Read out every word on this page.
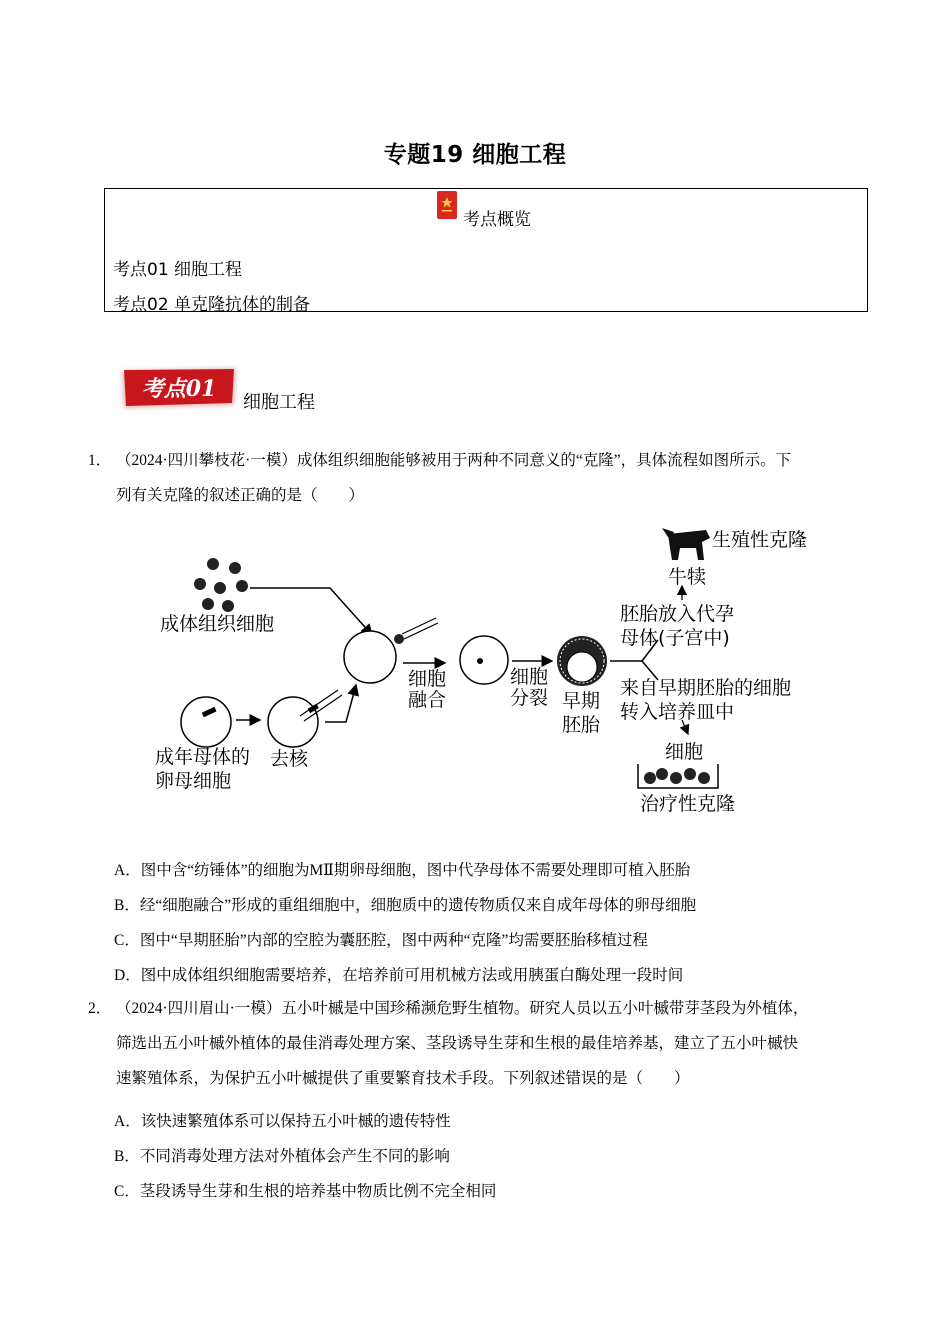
专题19 细胞工程
考点概览
考点01 细胞工程
考点02 单克隆抗体的制备
考点01
细胞工程
1． （2024·四川攀枝花·一模）成体组织细胞能够被用于两种不同意义的“克隆”，具体流程如图所示。下
列有关克隆的叙述正确的是（　　）
成体组织细胞
成年母体的
卵母细胞
去核
细胞
融合
细胞
分裂 早期
胚胎
生殖性克隆
牛犊
胚胎放入代孕
母体(子宫中)
来自早期胚胎的细胞
转入培养皿中
细胞
治疗性克隆
A．图中含“纺锤体”的细胞为MⅡ期卵母细胞，图中代孕母体不需要处理即可植入胚胎
B．经“细胞融合”形成的重组细胞中，细胞质中的遗传物质仅来自成年母体的卵母细胞
C．图中“早期胚胎”内部的空腔为囊胚腔，图中两种“克隆”均需要胚胎移植过程
D．图中成体组织细胞需要培养，在培养前可用机械方法或用胰蛋白酶处理一段时间
2． （2024·四川眉山·一模）五小叶槭是中国珍稀濒危野生植物。研究人员以五小叶槭带芽茎段为外植体，
筛选出五小叶槭外植体的最佳消毒处理方案、茎段诱导生芽和生根的最佳培养基，建立了五小叶槭快
速繁殖体系，为保护五小叶槭提供了重要繁育技术手段。下列叙述错误的是（　　）
A．该快速繁殖体系可以保持五小叶槭的遗传特性
B．不同消毒处理方法对外植体会产生不同的影响
C．茎段诱导生芽和生根的培养基中物质比例不完全相同
